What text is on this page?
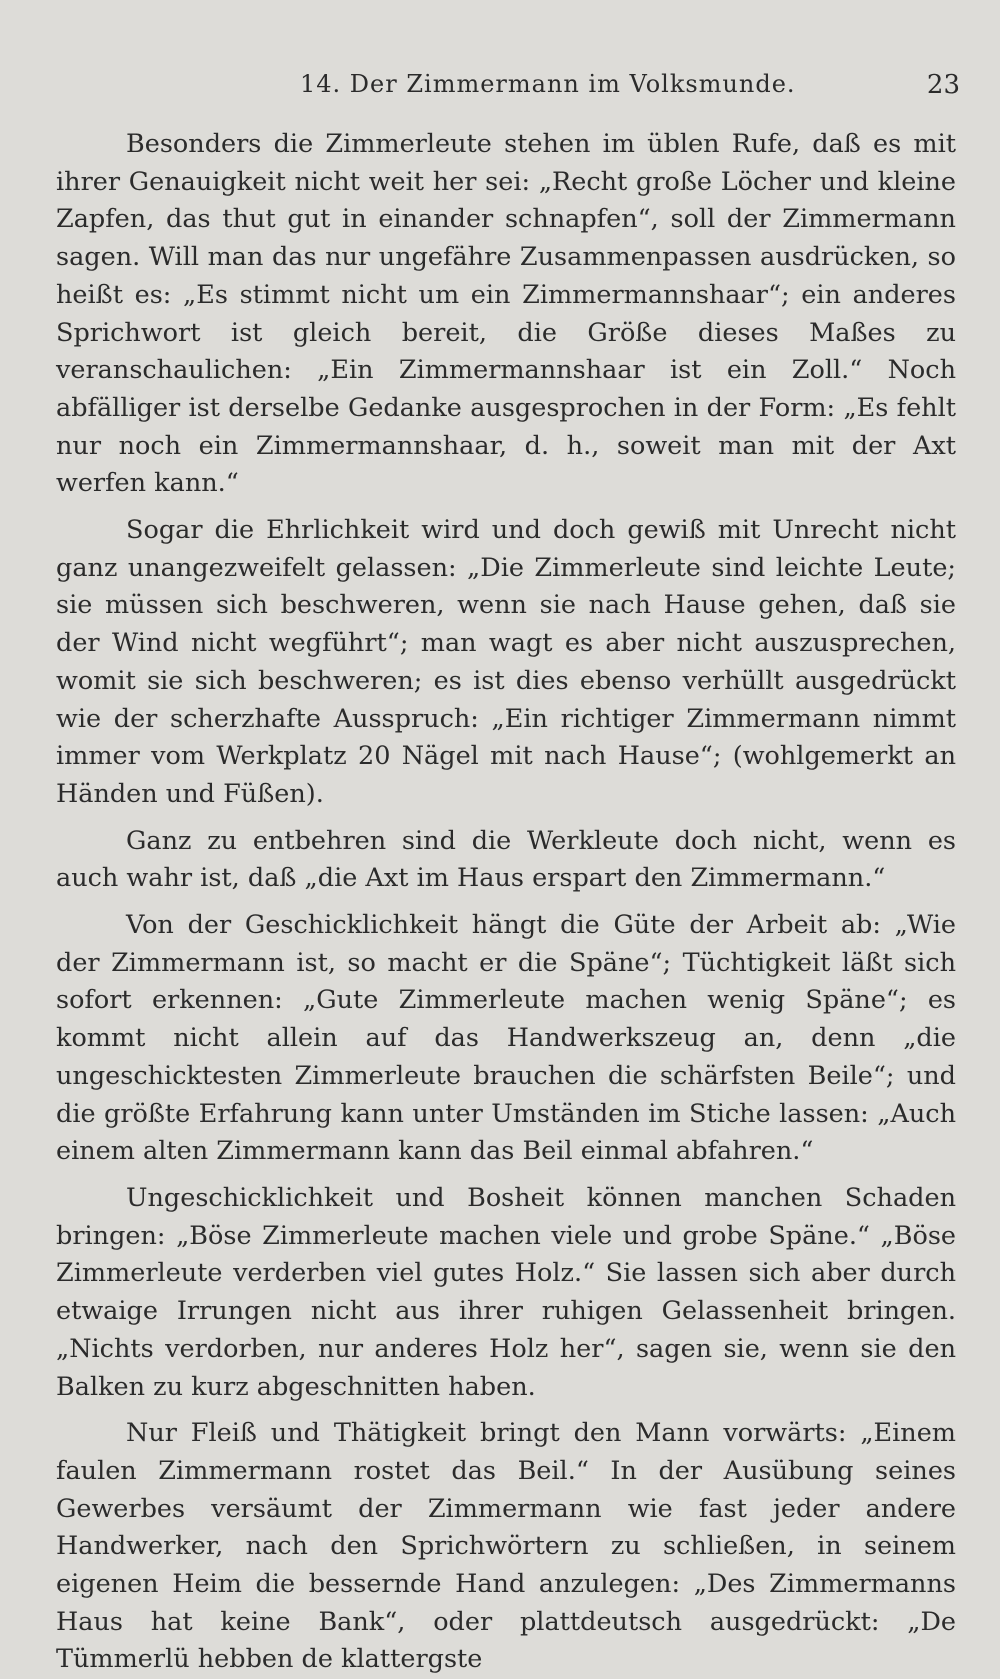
14. Der Zimmermann im Volksmunde.	23

Besonders die Zimmerleute stehen im üblen Rufe, daß es mit ihrer Genauigkeit nicht weit her sei: „Recht große Löcher und kleine Zapfen, das thut gut in einander schnapfen“, soll der Zimmermann sagen. Will man das nur ungefähre Zusammenpassen ausdrücken, so heißt es: „Es stimmt nicht um ein Zimmermannshaar“; ein anderes Sprichwort ist gleich bereit, die Größe dieses Maßes zu veranschaulichen: „Ein Zimmermannshaar ist ein Zoll.“ Noch abfälliger ist derselbe Gedanke ausgesprochen in der Form: „Es fehlt nur noch ein Zimmermannshaar, d. h., soweit man mit der Axt werfen kann.“

Sogar die Ehrlichkeit wird und doch gewiß mit Unrecht nicht ganz unangezweifelt gelassen: „Die Zimmerleute sind leichte Leute; sie müssen sich beschweren, wenn sie nach Hause gehen, daß sie der Wind nicht wegführt“; man wagt es aber nicht auszusprechen, womit sie sich beschweren; es ist dies ebenso verhüllt ausgedrückt wie der scherzhafte Ausspruch: „Ein richtiger Zimmermann nimmt immer vom Werkplatz 20 Nägel mit nach Hause“; (wohlgemerkt an Händen und Füßen).

Ganz zu entbehren sind die Werkleute doch nicht, wenn es auch wahr ist, daß „die Axt im Haus erspart den Zimmermann.“

Von der Geschicklichkeit hängt die Güte der Arbeit ab: „Wie der Zimmermann ist, so macht er die Späne“; Tüchtigkeit läßt sich sofort erkennen: „Gute Zimmerleute machen wenig Späne“; es kommt nicht allein auf das Handwerkszeug an, denn „die ungeschicktesten Zimmerleute brauchen die schärfsten Beile“; und die größte Erfahrung kann unter Umständen im Stiche lassen: „Auch einem alten Zimmermann kann das Beil einmal abfahren.“

Ungeschicklichkeit und Bosheit können manchen Schaden bringen: „Böse Zimmerleute machen viele und grobe Späne.“ „Böse Zimmerleute verderben viel gutes Holz.“ Sie lassen sich aber durch etwaige Irrungen nicht aus ihrer ruhigen Gelassenheit bringen. „Nichts verdorben, nur anderes Holz her“, sagen sie, wenn sie den Balken zu kurz abgeschnitten haben.

Nur Fleiß und Thätigkeit bringt den Mann vorwärts: „Einem faulen Zimmermann rostet das Beil.“ In der Ausübung seines Gewerbes versäumt der Zimmermann wie fast jeder andere Handwerker, nach den Sprichwörtern zu schließen, in seinem eigenen Heim die bessernde Hand anzulegen: „Des Zimmermanns Haus hat keine Bank“, oder plattdeutsch ausgedrückt: „De Tümmerlü hebben de klattergste
